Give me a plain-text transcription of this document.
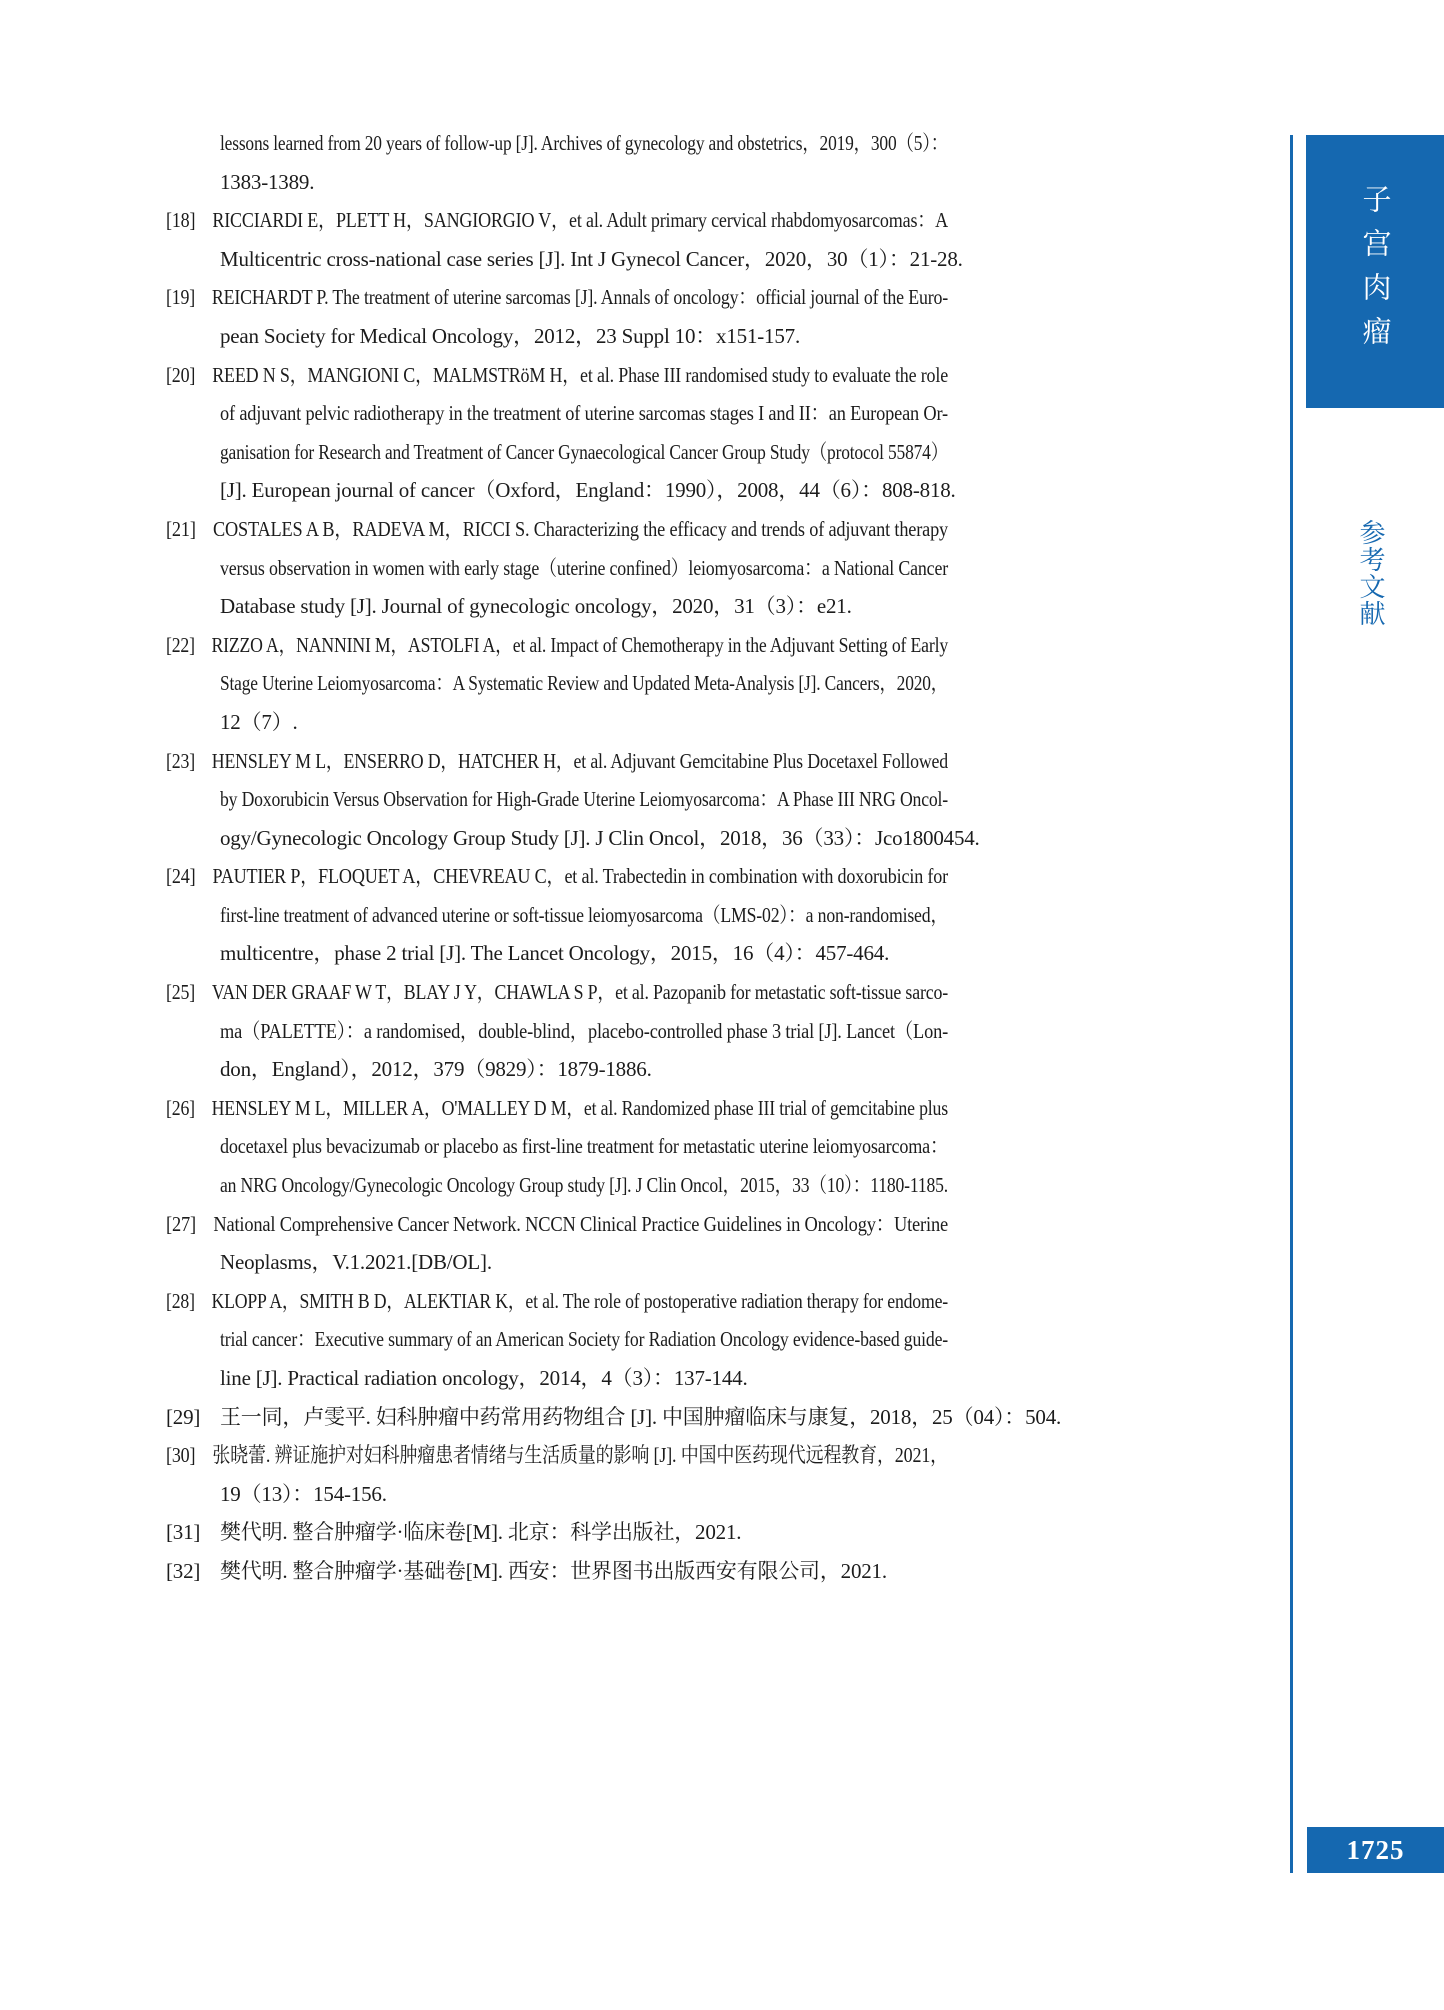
lessons learned from 20 years of follow-up [J]. Archives of gynecology and obstetrics，2019，300（5）：
1383-1389.
[18] RICCIARDI E，PLETT H，SANGIORGIO V，et al. Adult primary cervical rhabdomyosarcomas：A
Multicentric cross-national case series [J]. Int J Gynecol Cancer，2020，30（1）：21-28.
[19] REICHARDT P. The treatment of uterine sarcomas [J]. Annals of oncology：official journal of the Euro-
pean Society for Medical Oncology，2012，23 Suppl 10：x151-157.
[20] REED N S，MANGIONI C，MALMSTRöM H，et al. Phase III randomised study to evaluate the role
of adjuvant pelvic radiotherapy in the treatment of uterine sarcomas stages I and II：an European Or-
ganisation for Research and Treatment of Cancer Gynaecological Cancer Group Study（protocol 55874）
[J]. European journal of cancer（Oxford，England：1990），2008，44（6）：808-818.
[21] COSTALES A B，RADEVA M，RICCI S. Characterizing the efficacy and trends of adjuvant therapy
versus observation in women with early stage（uterine confined）leiomyosarcoma：a National Cancer
Database study [J]. Journal of gynecologic oncology，2020，31（3）：e21.
[22] RIZZO A，NANNINI M，ASTOLFI A，et al. Impact of Chemotherapy in the Adjuvant Setting of Early
Stage Uterine Leiomyosarcoma：A Systematic Review and Updated Meta-Analysis [J]. Cancers，2020，
12（7）.
[23] HENSLEY M L，ENSERRO D，HATCHER H，et al. Adjuvant Gemcitabine Plus Docetaxel Followed
by Doxorubicin Versus Observation for High-Grade Uterine Leiomyosarcoma：A Phase III NRG Oncol-
ogy/Gynecologic Oncology Group Study [J]. J Clin Oncol，2018，36（33）：Jco1800454.
[24] PAUTIER P，FLOQUET A，CHEVREAU C，et al. Trabectedin in combination with doxorubicin for
first-line treatment of advanced uterine or soft-tissue leiomyosarcoma（LMS-02）：a non-randomised，
multicentre，phase 2 trial [J]. The Lancet Oncology，2015，16（4）：457-464.
[25] VAN DER GRAAF W T，BLAY J Y，CHAWLA S P，et al. Pazopanib for metastatic soft-tissue sarco-
ma（PALETTE）：a randomised，double-blind，placebo-controlled phase 3 trial [J]. Lancet（Lon-
don，England），2012，379（9829）：1879-1886.
[26] HENSLEY M L，MILLER A，O'MALLEY D M，et al. Randomized phase III trial of gemcitabine plus
docetaxel plus bevacizumab or placebo as first-line treatment for metastatic uterine leiomyosarcoma：
an NRG Oncology/Gynecologic Oncology Group study [J]. J Clin Oncol，2015，33（10）：1180-1185.
[27] National Comprehensive Cancer Network. NCCN Clinical Practice Guidelines in Oncology：Uterine
Neoplasms，V.1.2021.[DB/OL].
[28] KLOPP A，SMITH B D，ALEKTIAR K，et al. The role of postoperative radiation therapy for endome-
trial cancer：Executive summary of an American Society for Radiation Oncology evidence-based guide-
line [J]. Practical radiation oncology，2014，4（3）：137-144.
[29] 王一同，卢雯平. 妇科肿瘤中药常用药物组合 [J]. 中国肿瘤临床与康复，2018，25（04）：504.
[30] 张晓蕾. 辨证施护对妇科肿瘤患者情绪与生活质量的影响 [J]. 中国中医药现代远程教育，2021，
19（13）：154-156.
[31] 樊代明. 整合肿瘤学·临床卷[M]. 北京：科学出版社，2021.
[32] 樊代明. 整合肿瘤学·基础卷[M]. 西安：世界图书出版西安有限公司，2021.
子宫肉瘤
参考文献
1725
